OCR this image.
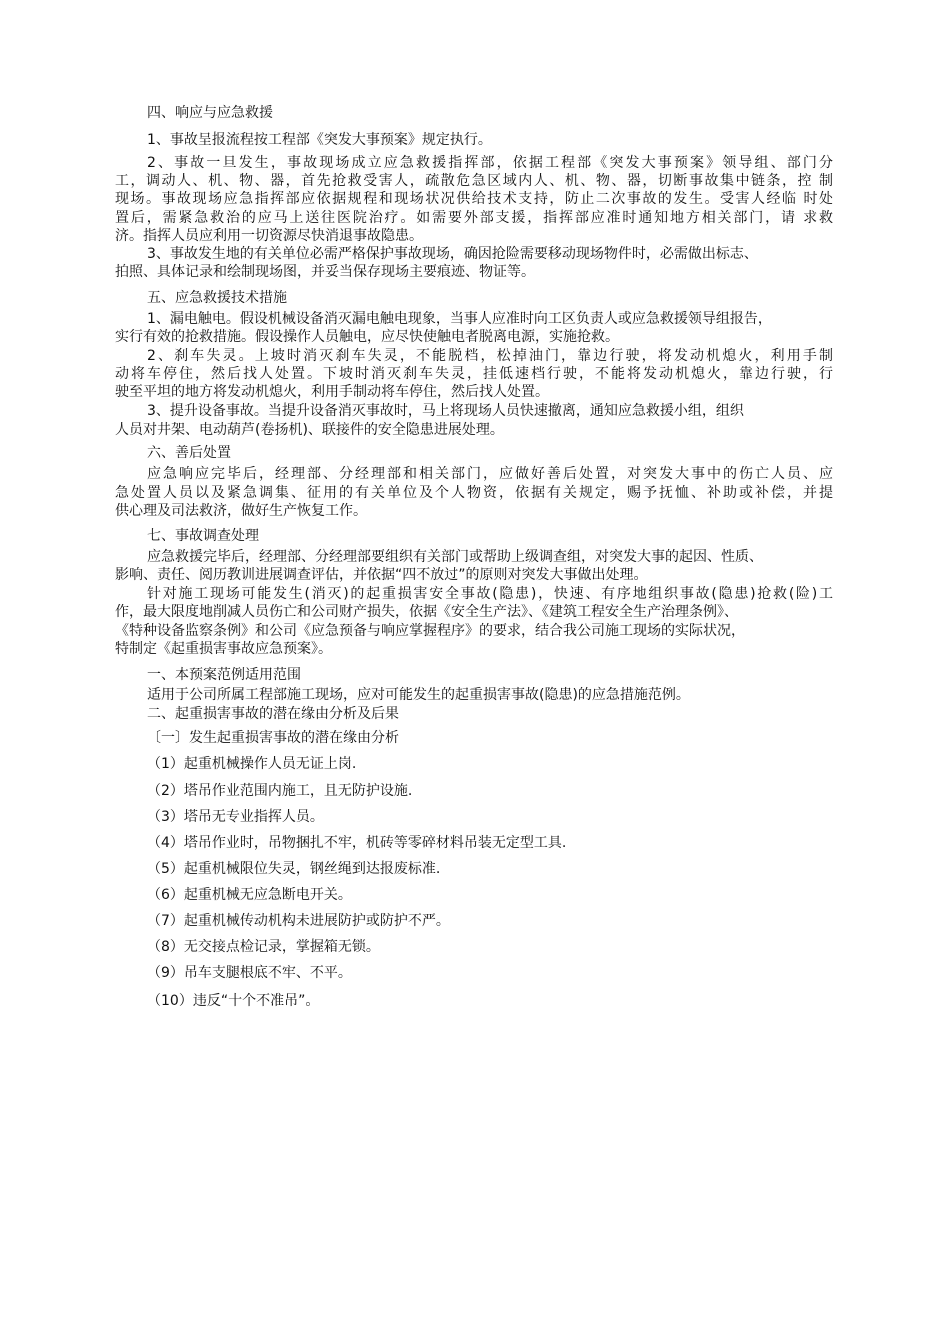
四、响应与应急救援
1、事故呈报流程按工程部《突发大事预案》规定执行。
2、事故一旦发生，事故现场成立应急救援指挥部，依据工程部《突发大事预案》领导组、部门分
工，调动人、机、物、器，首先抢救受害人，疏散危急区域内人、机、物、器，切断事故集中链条，控 制
现场。事故现场应急指挥部应依据规程和现场状况供给技术支持，防止二次事故的发生。受害人经临 时处
置后，需紧急救治的应马上送往医院治疗。如需要外部支援，指挥部应准时通知地方相关部门，请 求救
济。指挥人员应利用一切资源尽快消退事故隐患。
3、事故发生地的有关单位必需严格保护事故现场，确因抢险需要移动现场物件时，必需做出标志、
拍照、具体记录和绘制现场图，并妥当保存现场主要痕迹、物证等。
五、应急救援技术措施
1、漏电触电。假设机械设备消灭漏电触电现象，当事人应准时向工区负责人或应急救援领导组报告，
实行有效的抢救措施。假设操作人员触电，应尽快使触电者脱离电源，实施抢救。
2、刹车失灵。上坡时消灭刹车失灵，不能脱档，松掉油门，靠边行驶，将发动机熄火，利用手制
动将车停住，然后找人处置。下坡时消灭刹车失灵，挂低速档行驶，不能将发动机熄火，靠边行驶，行
驶至平坦的地方将发动机熄火，利用手制动将车停住，然后找人处置。
3、提升设备事故。当提升设备消灭事故时，马上将现场人员快速撤离，通知应急救援小组，组织
人员对井架、电动葫芦(卷扬机)、联接件的安全隐患进展处理。
六、善后处置
应急响应完毕后，经理部、分经理部和相关部门，应做好善后处置，对突发大事中的伤亡人员、应
急处置人员以及紧急调集、征用的有关单位及个人物资，依据有关规定，赐予抚恤、补助或补偿，并提
供心理及司法救济，做好生产恢复工作。
七、事故调查处理
应急救援完毕后，经理部、分经理部要组织有关部门或帮助上级调查组，对突发大事的起因、性质、
影响、责任、阅历教训进展调查评估，并依据“四不放过”的原则对突发大事做出处理。
针对施工现场可能发生(消灭)的起重损害安全事故(隐患)，快速、有序地组织事故(隐患)抢救(险)工
作，最大限度地削减人员伤亡和公司财产损失，依据《安全生产法》、《建筑工程安全生产治理条例》、
《特种设备监察条例》和公司《应急预备与响应掌握程序》的要求，结合我公司施工现场的实际状况，
特制定《起重损害事故应急预案》。
一、本预案范例适用范围
适用于公司所属工程部施工现场，应对可能发生的起重损害事故(隐患)的应急措施范例。
二、起重损害事故的潜在缘由分析及后果
〔一〕发生起重损害事故的潜在缘由分析
（1）起重机械操作人员无证上岗.
（2）塔吊作业范围内施工，且无防护设施.
（3）塔吊无专业指挥人员。
（4）塔吊作业时，吊物捆扎不牢，机砖等零碎材料吊装无定型工具.
（5）起重机械限位失灵，钢丝绳到达报废标准.
（6）起重机械无应急断电开关。
（7）起重机械传动机构未进展防护或防护不严。
（8）无交接点检记录，掌握箱无锁。
（9）吊车支腿根底不牢、不平。
（10）违反“十个不准吊”。
